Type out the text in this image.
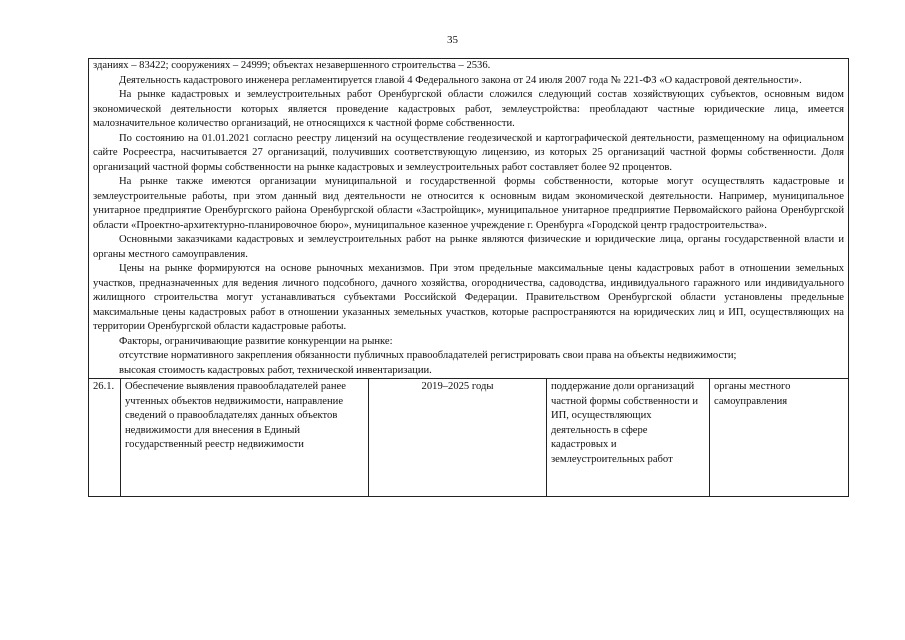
35

зданиях – 83422; сооружениях – 24999; объектах незавершенного строительства – 2536.

Деятельность кадастрового инженера регламентируется главой 4 Федерального закона от 24 июля 2007 года № 221-ФЗ «О кадастровой деятельности».

На рынке кадастровых и землеустроительных работ Оренбургской области сложился следующий состав хозяйствующих субъектов, основным видом экономической деятельности которых является проведение кадастровых работ, землеустройства: преобладают частные юридические лица, имеется малозначительное количество организаций, не относящихся к частной форме собственности.

По состоянию на 01.01.2021 согласно реестру лицензий на осуществление геодезической и картографической деятельности, размещенному на официальном сайте Росреестра, насчитывается 27 организаций, получивших соответствующую лицензию, из которых 25 организаций частной формы собственности. Доля организаций частной формы собственности на рынке кадастровых и землеустроительных работ составляет более 92 процентов.

На рынке также имеются организации муниципальной и государственной формы собственности, которые могут осуществлять кадастровые и землеустроительные работы, при этом данный вид деятельности не относится к основным видам экономической деятельности. Например, муниципальное унитарное предприятие Оренбургского района Оренбургской области «Застройщик», муниципальное унитарное предприятие Первомайского района Оренбургской области «Проектно-архитектурно-планировочное бюро», муниципальное казенное учреждение г. Оренбурга «Городской центр градостроительства».

Основными заказчиками кадастровых и землеустроительных работ на рынке являются физические и юридические лица, органы государственной власти и органы местного самоуправления.

Цены на рынке формируются на основе рыночных механизмов. При этом предельные максимальные цены кадастровых работ в отношении земельных участков, предназначенных для ведения личного подсобного, дачного хозяйства, огородничества, садоводства, индивидуального гаражного или индивидуального жилищного строительства могут устанавливаться субъектами Российской Федерации. Правительством Оренбургской области установлены предельные максимальные цены кадастровых работ в отношении указанных земельных участков, которые распространяются на юридических лиц и ИП, осуществляющих на территории Оренбургской области кадастровые работы.

Факторы, ограничивающие развитие конкуренции на рынке:

отсутствие нормативного закрепления обязанности публичных правообладателей регистрировать свои права на объекты недвижимости;

высокая стоимость кадастровых работ, технической инвентаризации.

26.1.	Обеспечение выявления правообладателей ранее учтенных объектов недвижимости, направление сведений о правообладателях данных объектов недвижимости для внесения в Единый государственный реестр недвижимости	2019–2025 годы	поддержание доли организаций частной формы собственности и ИП, осуществляющих деятельность в сфере кадастровых и землеустроительных работ	органы местного самоуправления
